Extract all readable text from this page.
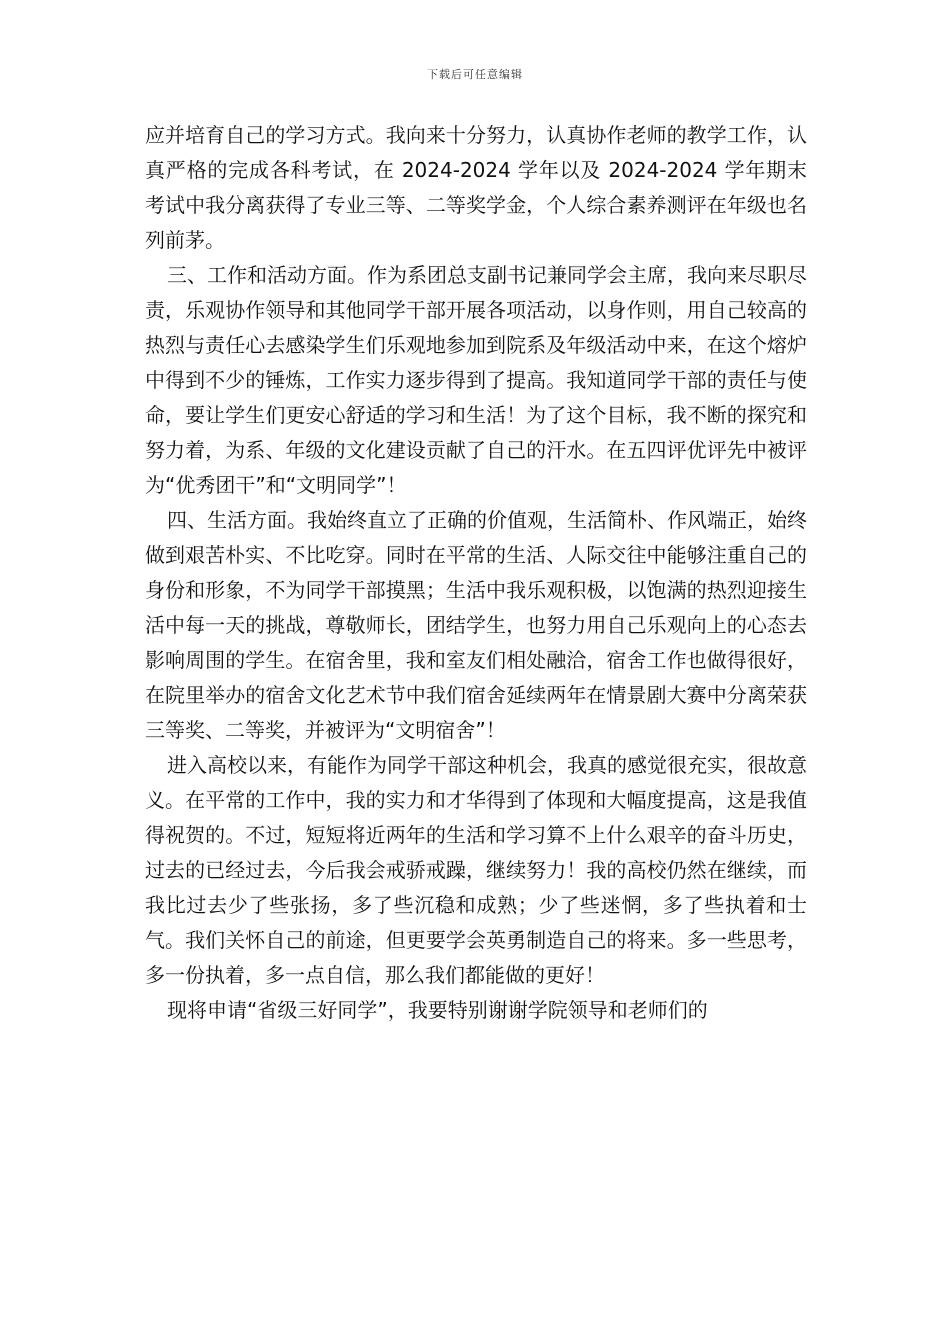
下载后可任意编辑

应并培育自己的学习方式。我向来十分努力，认真协作老师的教学工作，认真严格的完成各科考试，在 2024-2024 学年以及 2024-2024 学年期末考试中我分离获得了专业三等、二等奖学金，个人综合素养测评在年级也名列前茅。

三、工作和活动方面。作为系团总支副书记兼同学会主席，我向来尽职尽责，乐观协作领导和其他同学干部开展各项活动，以身作则，用自己较高的热烈与责任心去感染学生们乐观地参加到院系及年级活动中来，在这个熔炉中得到不少的锤炼，工作实力逐步得到了提高。我知道同学干部的责任与使命，要让学生们更安心舒适的学习和生活！为了这个目标，我不断的探究和努力着，为系、年级的文化建设贡献了自己的汗水。在五四评优评先中被评为“优秀团干”和“文明同学”！

四、生活方面。我始终直立了正确的价值观，生活简朴、作风端正，始终做到艰苦朴实、不比吃穿。同时在平常的生活、人际交往中能够注重自己的身份和形象，不为同学干部摸黑；生活中我乐观积极，以饱满的热烈迎接生活中每一天的挑战，尊敬师长，团结学生，也努力用自己乐观向上的心态去影响周围的学生。在宿舍里，我和室友们相处融洽，宿舍工作也做得很好，在院里举办的宿舍文化艺术节中我们宿舍延续两年在情景剧大赛中分离荣获三等奖、二等奖，并被评为“文明宿舍”！

进入高校以来，有能作为同学干部这种机会，我真的感觉很充实，很故意义。在平常的工作中，我的实力和才华得到了体现和大幅度提高，这是我值得祝贺的。不过，短短将近两年的生活和学习算不上什么艰辛的奋斗历史，过去的已经过去，今后我会戒骄戒躁，继续努力！我的高校仍然在继续，而我比过去少了些张扬，多了些沉稳和成熟；少了些迷惘，多了些执着和士气。我们关怀自己的前途，但更要学会英勇制造自己的将来。多一些思考，多一份执着，多一点自信，那么我们都能做的更好！

现将申请“省级三好同学”，我要特别谢谢学院领导和老师们的
